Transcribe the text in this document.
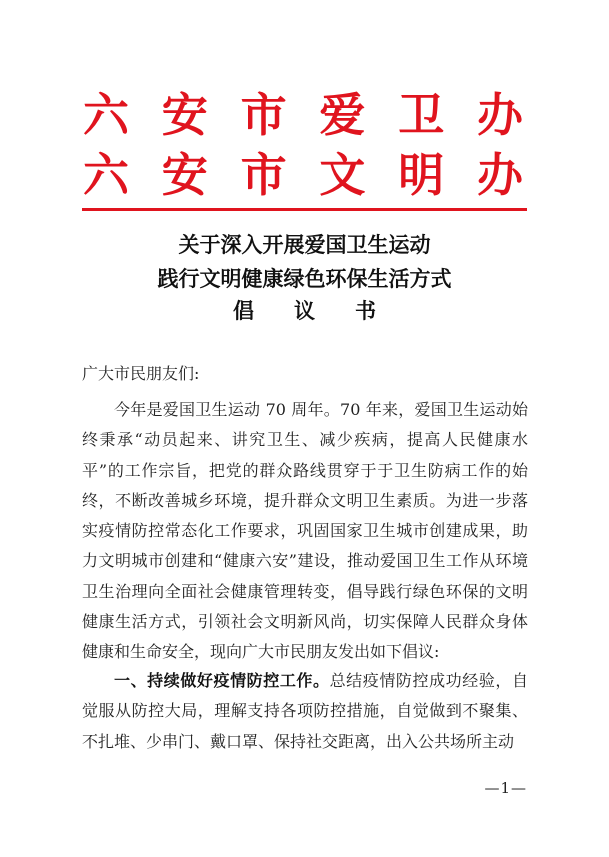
六 安 市 爱 卫 办
六 安 市 文 明 办
关于深入开展爱国卫生运动
践行文明健康绿色环保生活方式
倡议书
广大市民朋友们:

今年是爱国卫生运动 70 周年。70 年来，爱国卫生运动始终秉承“动员起来、讲究卫生、减少疾病，提高人民健康水平”的工作宗旨，把党的群众路线贯穿于于卫生防病工作的始终，不断改善城乡环境，提升群众文明卫生素质。为进一步落实疫情防控常态化工作要求，巩固国家卫生城市创建成果，助力文明城市创建和“健康六安”建设，推动爱国卫生工作从环境卫生治理向全面社会健康管理转变，倡导践行绿色环保的文明健康生活方式，引领社会文明新风尚，切实保障人民群众身体健康和生命安全，现向广大市民朋友发出如下倡议:

一、持续做好疫情防控工作。总结疫情防控成功经验，自觉服从防控大局，理解支持各项防控措施，自觉做到不聚集、不扎堆、少串门、戴口罩、保持社交距离，出入公共场所主动

—1—
